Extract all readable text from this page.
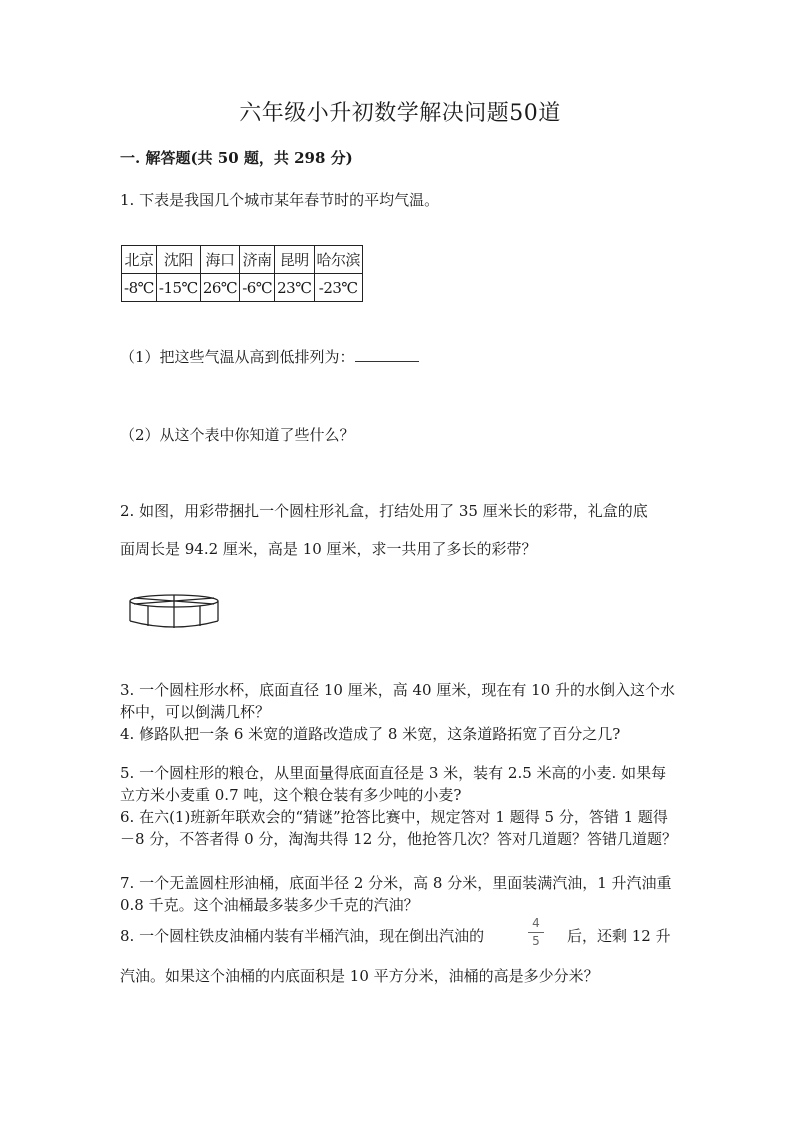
六年级小升初数学解决问题50道
一. 解答题(共 50 题，共 298 分)
1. 下表是我国几个城市某年春节时的平均气温。
北京	沈阳	海口	济南	昆明	哈尔滨
-8℃	-15℃	26℃	-6℃	23℃	-23℃
（1）把这些气温从高到低排列为：
（2）从这个表中你知道了些什么？
2. 如图，用彩带捆扎一个圆柱形礼盒，打结处用了 35 厘米长的彩带，礼盒的底
面周长是 94.2 厘米，高是 10 厘米，求一共用了多长的彩带？
3. 一个圆柱形水杯，底面直径 10 厘米，高 40 厘米，现在有 10 升的水倒入这个水杯中，可以倒满几杯？
4. 修路队把一条 6 米宽的道路改造成了 8 米宽，这条道路拓宽了百分之几?
5. 一个圆柱形的粮仓，从里面量得底面直径是 3 米，装有 2.5 米高的小麦. 如果每立方米小麦重 0.7 吨，这个粮仓装有多少吨的小麦?
6. 在六(1)班新年联欢会的“猜谜”抢答比赛中，规定答对 1 题得 5 分，答错 1 题得－8 分，不答者得 0 分，淘淘共得 12 分，他抢答几次？答对几道题？答错几道题？
7. 一个无盖圆柱形油桶，底面半径 2 分米，高 8 分米，里面装满汽油，1 升汽油重 0.8 千克。这个油桶最多装多少千克的汽油？
8. 一个圆柱铁皮油桶内装有半桶汽油，现在倒出汽油的
4
5 后，还剩 12 升
汽油。如果这个油桶的内底面积是 10 平方分米，油桶的高是多少分米？
